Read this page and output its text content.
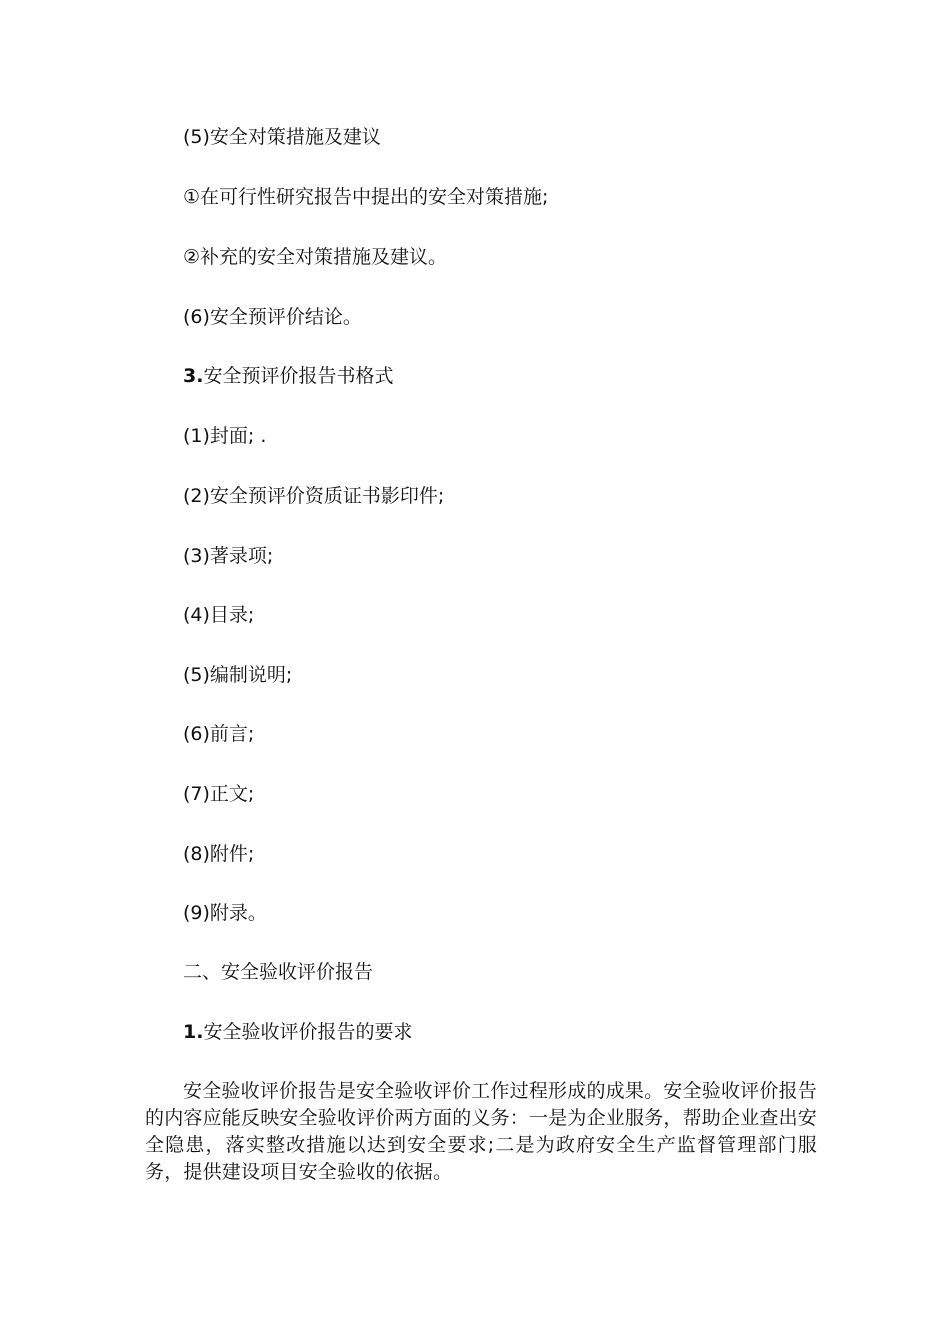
(5)安全对策措施及建议
①在可行性研究报告中提出的安全对策措施;
②补充的安全对策措施及建议。
(6)安全预评价结论。
3.安全预评价报告书格式
(1)封面; .
(2)安全预评价资质证书影印件;
(3)著录项;
(4)目录;
(5)编制说明;
(6)前言;
(7)正文;
(8)附件;
(9)附录。
二、安全验收评价报告
1.安全验收评价报告的要求
安全验收评价报告是安全验收评价工作过程形成的成果。安全验收评价报告的内容应能反映安全验收评价两方面的义务：一是为企业服务，帮助企业查出安全隐患，落实整改措施以达到安全要求;二是为政府安全生产监督管理部门服务，提供建设项目安全验收的依据。
